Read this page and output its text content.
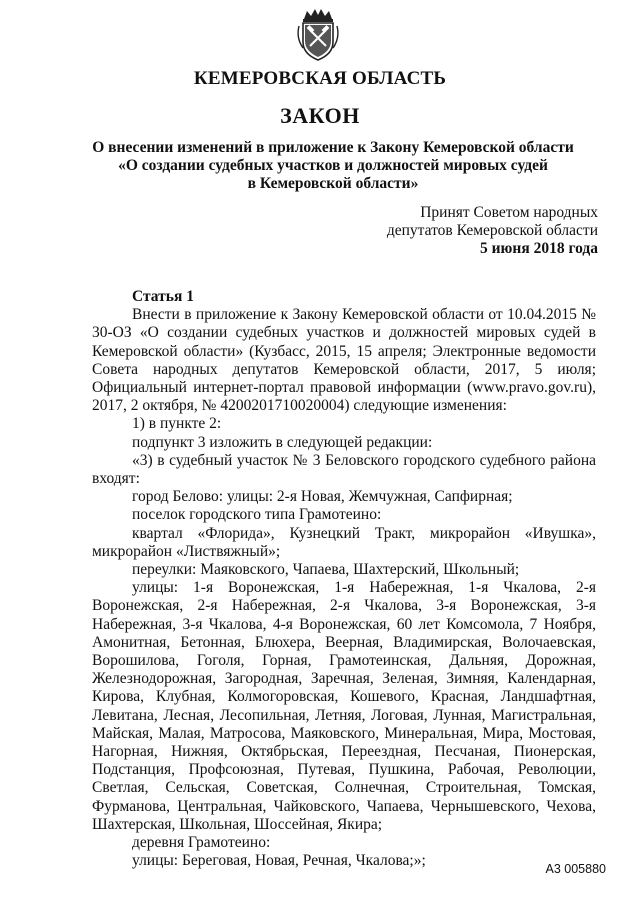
КЕМЕРОВСКАЯ ОБЛАСТЬ
ЗАКОН
О внесении изменений в приложение к Закону Кемеровской области
«О создании судебных участков и должностей мировых судей
в Кемеровской области»
Принят Советом народных
депутатов Кемеровской области
5 июня 2018 года

Статья 1

Внести в приложение к Закону Кемеровской области от 10.04.2015 № 30-ОЗ «О создании судебных участков и должностей мировых судей в Кемеровской области» (Кузбасс, 2015, 15 апреля; Электронные ведомости Совета народных депутатов Кемеровской области, 2017, 5 июля; Официальный интернет-портал правовой информации (www.pravo.gov.ru), 2017, 2 октября, № 4200201710020004) следующие изменения:

1) в пункте 2:

подпункт 3 изложить в следующей редакции:

«3) в судебный участок № 3 Беловского городского судебного района входят:

город Белово: улицы: 2-я Новая, Жемчужная, Сапфирная;

поселок городского типа Грамотеино:

квартал «Флорида», Кузнецкий Тракт, микрорайон «Ивушка», микрорайон «Листвяжный»;

переулки: Маяковского, Чапаева, Шахтерский, Школьный;

улицы: 1-я Воронежская, 1-я Набережная, 1-я Чкалова, 2-я Воронежская, 2-я Набережная, 2-я Чкалова, 3-я Воронежская, 3-я Набережная, 3-я Чкалова, 4-я Воронежская, 60 лет Комсомола, 7 Ноября, Амонитная, Бетонная, Блюхера, Веерная, Владимирская, Волочаевская, Ворошилова, Гоголя, Горная, Грамотеинская, Дальняя, Дорожная, Железнодорожная, Загородная, Заречная, Зеленая, Зимняя, Календарная, Кирова, Клубная, Колмогоровская, Кошевого, Красная, Ландшафтная, Левитана, Лесная, Лесопильная, Летняя, Логовая, Лунная, Магистральная, Майская, Малая, Матросова, Маяковского, Минеральная, Мира, Мостовая, Нагорная, Нижняя, Октябрьская, Переездная, Песчаная, Пионерская, Подстанция, Профсоюзная, Путевая, Пушкина, Рабочая, Революции, Светлая, Сельская, Советская, Солнечная, Строительная, Томская, Фурманова, Центральная, Чайковского, Чапаева, Чернышевского, Чехова, Шахтерская, Школьная, Шоссейная, Якира;

деревня Грамотеино:

улицы: Береговая, Новая, Речная, Чкалова;»;	А3 005880
